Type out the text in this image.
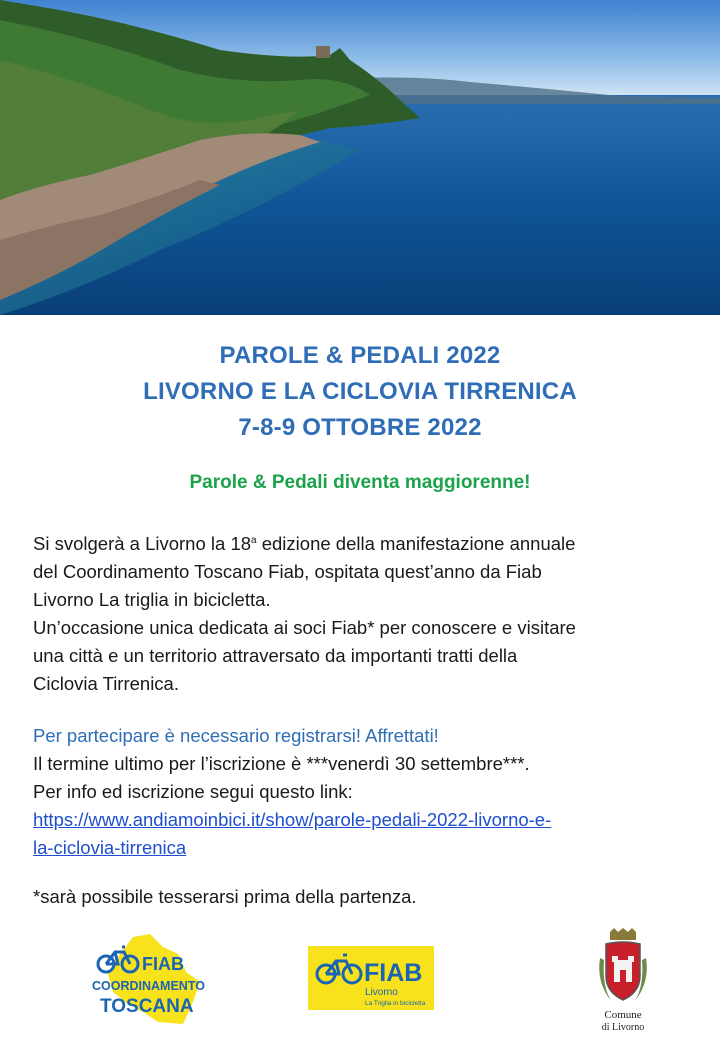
PAROLE & PEDALI 2022
LIVORNO E LA CICLOVIA TIRRENICA
7-8-9 OTTOBRE 2022
Parole & Pedali diventa maggiorenne!
Si svolgerà a Livorno la 18$^a$ edizione della manifestazione annuale
del Coordinamento Toscano Fiab, ospitata quest’anno da Fiab
Livorno La triglia in bicicletta.
Un’occasione unica dedicata ai soci Fiab* per conoscere e visitare
una città e un territorio attraversato da importanti tratti della
Ciclovia Tirrenica.
Per partecipare è necessario registrarsi! Affrettati!
Il termine ultimo per l’iscrizione è ***venerdì 30 settembre***.
Per info ed iscrizione segui questo link:
https://www.andiamoinbici.it/show/parole-pedali-2022-livorno-e-
la-ciclovia-tirrenica
*sarà possibile tesserarsi prima della partenza.
FIAB
COORDINAMENTO
TOSCANA
FIAB
Livorno
La Triglia in bicicletta
Comune
di Livorno
